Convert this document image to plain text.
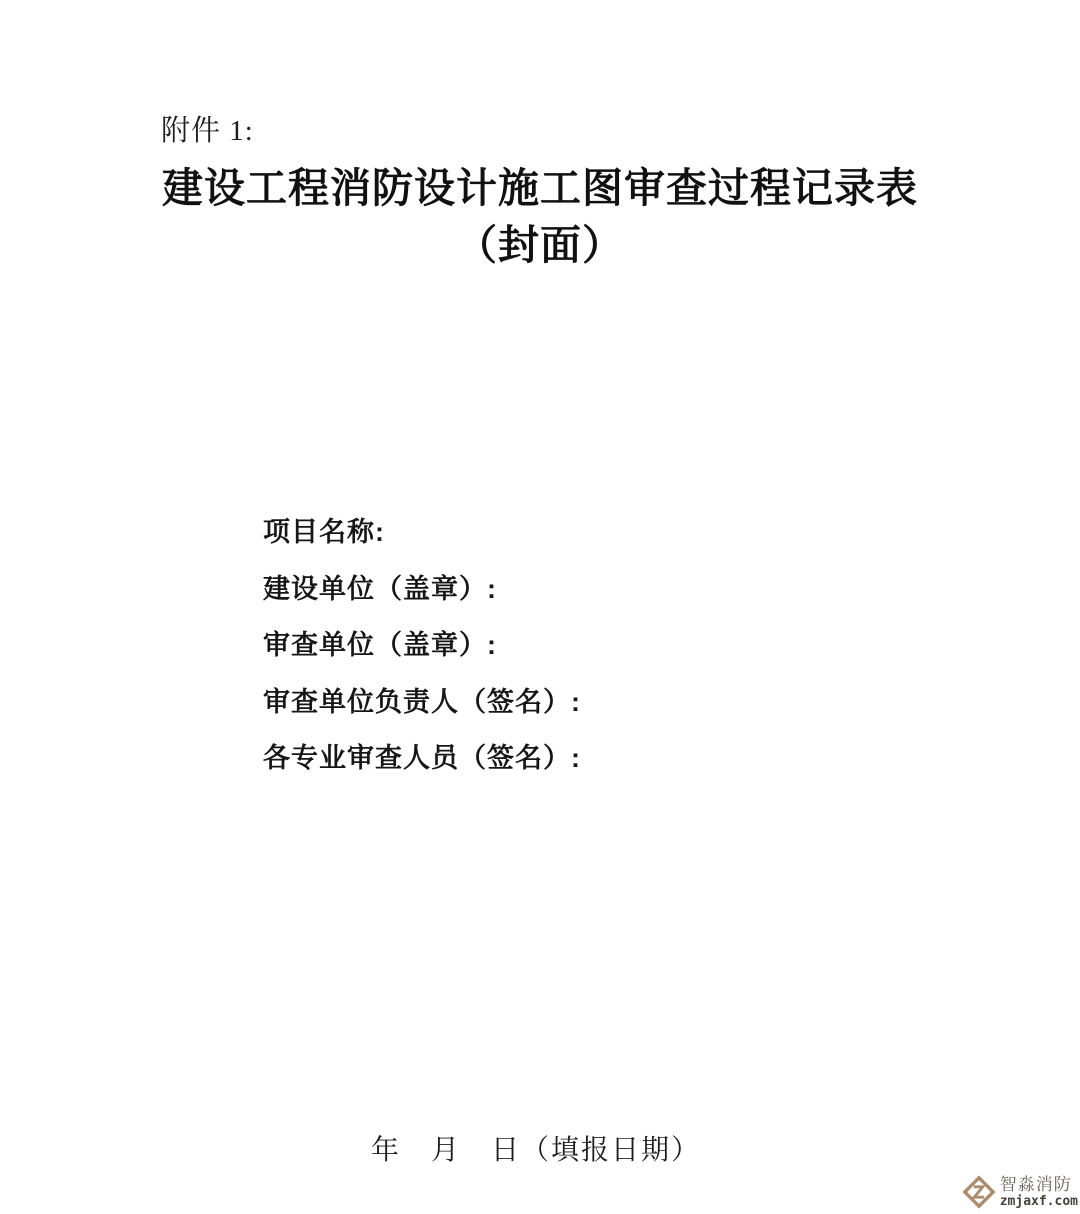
附件 1:
建设工程消防设计施工图审查过程记录表
（封面）
项目名称:
建设单位（盖章）:
审查单位（盖章）:
审查单位负责人（签名）:
各专业审查人员（签名）:
年　月　日（填报日期）
智淼消防
zmjaxf.com
